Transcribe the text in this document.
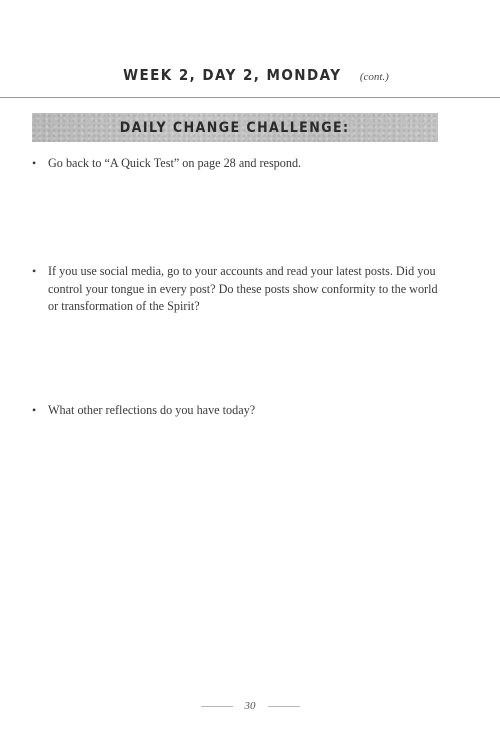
WEEK 2, DAY 2, MONDAY (cont.)
DAILY CHANGE CHALLENGE:
• Go back to “A Quick Test” on page 28 and respond.
• If you use social media, go to your accounts and read your latest posts. Did you control your tongue in every post? Do these posts show conformity to the world or transformation of the Spirit?
• What other reflections do you have today?
30
